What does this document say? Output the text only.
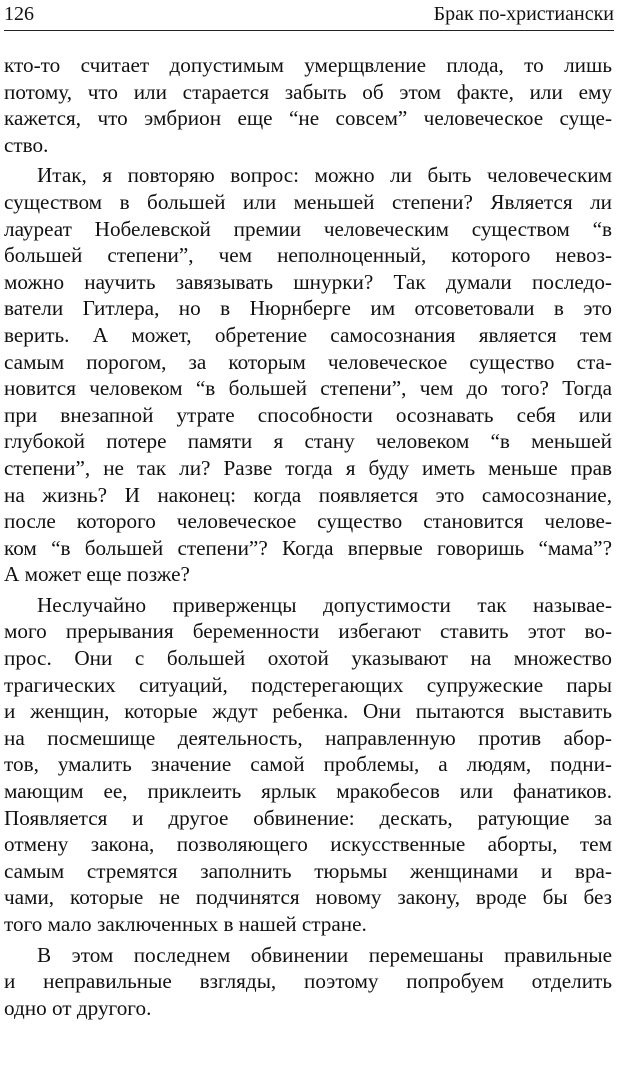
126	Брак по-христиански
кто-то считает допустимым умерщвление плода, то лишь
потому, что или старается забыть об этом факте, или ему
кажется, что эмбрион еще “не совсем” человеческое суще-
ство.
Итак, я повторяю вопрос: можно ли быть человеческим
существом в большей или меньшей степени? Является ли
лауреат Нобелевской премии человеческим существом “в
большей степени”, чем неполноценный, которого невоз-
можно научить завязывать шнурки? Так думали последо-
ватели Гитлера, но в Нюрнберге им отсоветовали в это
верить. А может, обретение самосознания является тем
самым порогом, за которым человеческое существо ста-
новится человеком “в большей степени”, чем до того? Тогда
при внезапной утрате способности осознавать себя или
глубокой потере памяти я стану человеком “в меньшей
степени”, не так ли? Разве тогда я буду иметь меньше прав
на жизнь? И наконец: когда появляется это самосознание,
после которого человеческое существо становится челове-
ком “в большей степени”? Когда впервые говоришь “мама”?
А может еще позже?
Неслучайно приверженцы допустимости так называе-
мого прерывания беременности избегают ставить этот во-
прос. Они с большей охотой указывают на множество
трагических ситуаций, подстерегающих супружеские пары
и женщин, которые ждут ребенка. Они пытаются выставить
на посмешище деятельность, направленную против абор-
тов, умалить значение самой проблемы, а людям, подни-
мающим ее, приклеить ярлык мракобесов или фанатиков.
Появляется и другое обвинение: дескать, ратующие за
отмену закона, позволяющего искусственные аборты, тем
самым стремятся заполнить тюрьмы женщинами и вра-
чами, которые не подчинятся новому закону, вроде бы без
того мало заключенных в нашей стране.
В этом последнем обвинении перемешаны правильные
и неправильные взгляды, поэтому попробуем отделить
одно от другого.
